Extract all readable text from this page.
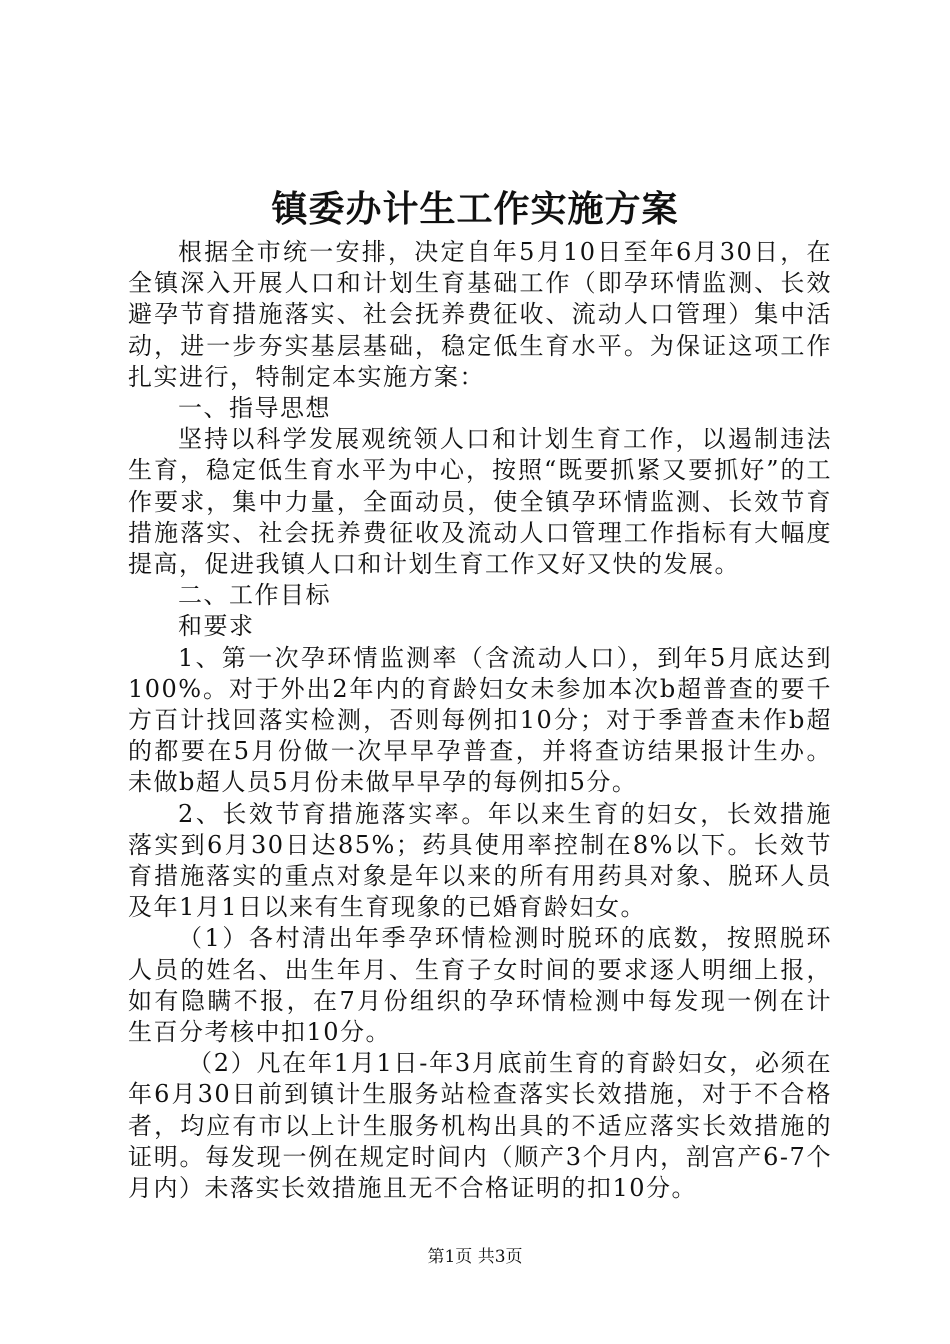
镇委办计生工作实施方案

根据全市统一安排，决定自年5月10日至年6月30日，在全镇深入开展人口和计划生育基础工作（即孕环情监测、长效避孕节育措施落实、社会抚养费征收、流动人口管理）集中活动，进一步夯实基层基础，稳定低生育水平。为保证这项工作扎实进行，特制定本实施方案：

一、指导思想

坚持以科学发展观统领人口和计划生育工作，以遏制违法生育，稳定低生育水平为中心，按照“既要抓紧又要抓好”的工作要求，集中力量，全面动员，使全镇孕环情监测、长效节育措施落实、社会抚养费征收及流动人口管理工作指标有大幅度提高，促进我镇人口和计划生育工作又好又快的发展。

二、工作目标

和要求

1、第一次孕环情监测率（含流动人口），到年5月底达到100%。对于外出2年内的育龄妇女未参加本次b超普查的要千方百计找回落实检测，否则每例扣10分；对于季普查未作b超的都要在5月份做一次早早孕普查，并将查访结果报计生办。未做b超人员5月份未做早早孕的每例扣5分。

2、长效节育措施落实率。年以来生育的妇女，长效措施落实到6月30日达85%；药具使用率控制在8%以下。长效节育措施落实的重点对象是年以来的所有用药具对象、脱环人员及年1月1日以来有生育现象的已婚育龄妇女。

（1）各村清出年季孕环情检测时脱环的底数，按照脱环人员的姓名、出生年月、生育子女时间的要求逐人明细上报，如有隐瞒不报，在7月份组织的孕环情检测中每发现一例在计生百分考核中扣10分。

（2）凡在年1月1日-年3月底前生育的育龄妇女，必须在年6月30日前到镇计生服务站检查落实长效措施，对于不合格者，均应有市以上计生服务机构出具的不适应落实长效措施的证明。每发现一例在规定时间内（顺产3个月内，剖宫产6-7个月内）未落实长效措施且无不合格证明的扣10分。

第1页 共3页
